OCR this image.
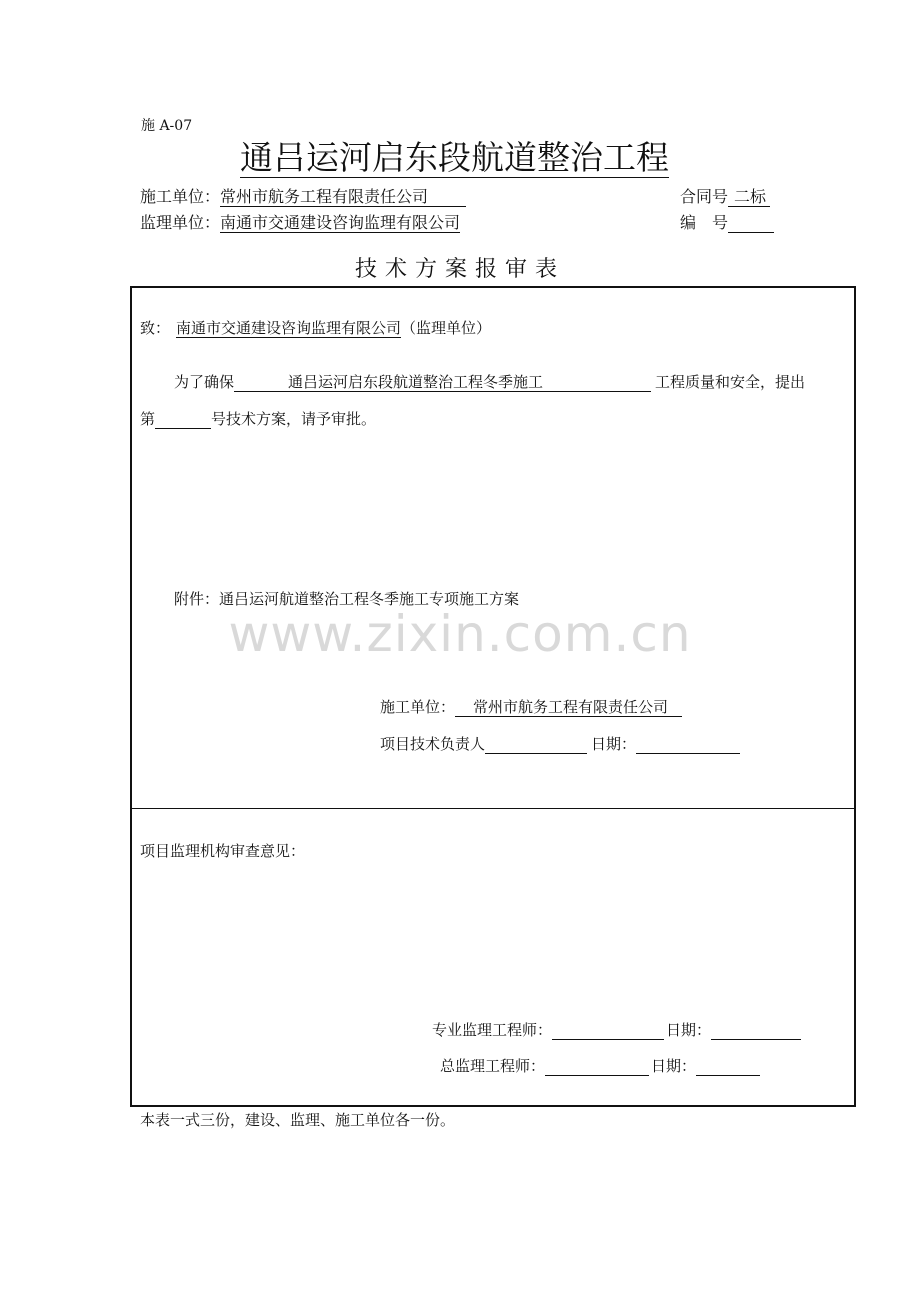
施 A-07
通吕运河启东段航道整治工程
施工单位：常州市航务工程有限责任公司
监理单位：南通市交通建设咨询监理有限公司
合同号 二标
编　号
技术方案报审表
致： 南通市交通建设咨询监理有限公司（监理单位）
为了确保	通吕运河启东段航道整治工程冬季施工	工程质量和安全，提出
第	号技术方案，请予审批。
附件：通吕运河航道整治工程冬季施工专项施工方案
www.zixin.com.cn
施工单位： 常州市航务工程有限责任公司
项目技术负责人	日期：
项目监理机构审查意见：
专业监理工程师：	日期：
总监理工程师：	日期：
本表一式三份，建设、监理、施工单位各一份。
